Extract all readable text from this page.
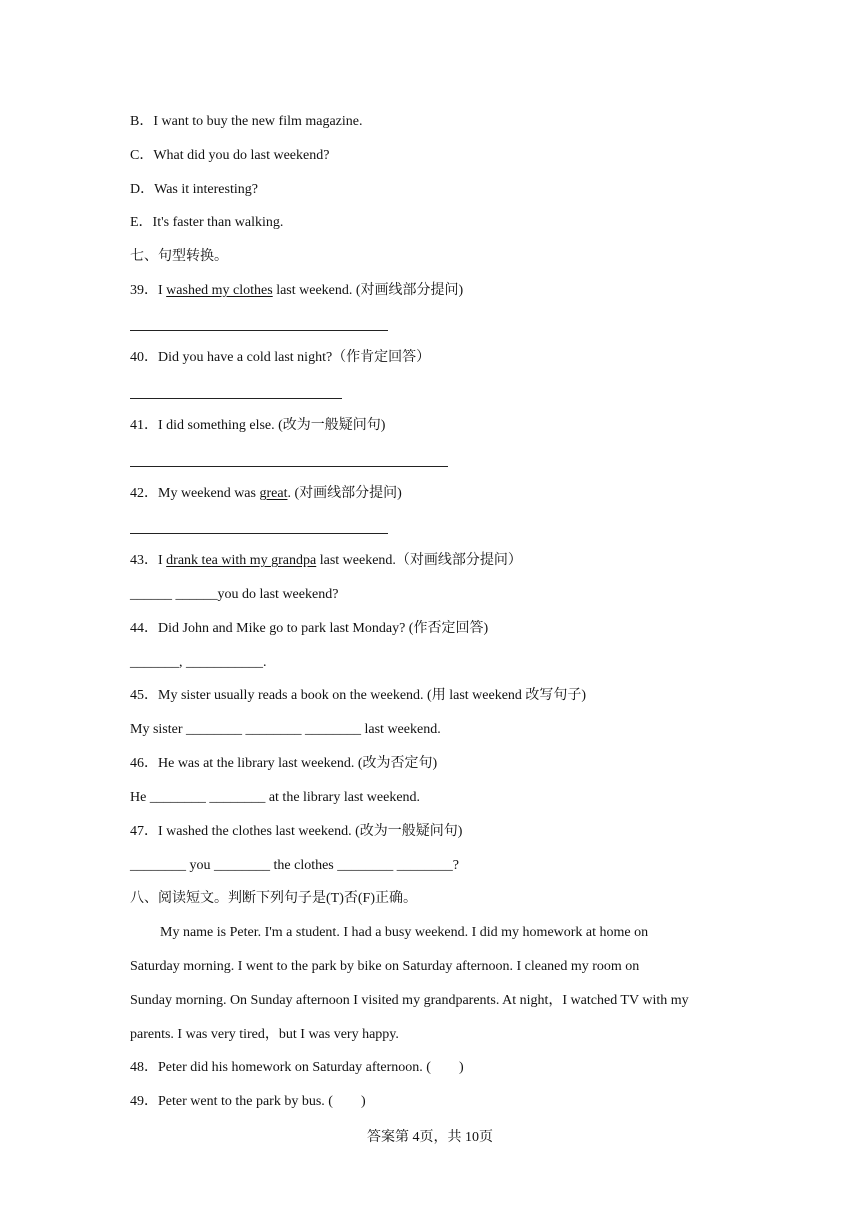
B．I want to buy the new film magazine.
C．What did you do last weekend?
D．Was it interesting?
E．It's faster than walking.
七、句型转换。
39．I washed my clothes last weekend. (对画线部分提问)
40．Did you have a cold last night?（作肯定回答）
41．I did something else. (改为一般疑问句)
42．My weekend was great. (对画线部分提问)
43．I drank tea with my grandpa last weekend.（对画线部分提问）
______ ______you do last weekend?
44．Did John and Mike go to park last Monday? (作否定回答)
_______, ___________.
45．My sister usually reads a book on the weekend. (用 last weekend 改写句子)
My sister ________ ________ ________ last weekend.
46．He was at the library last weekend. (改为否定句)
He ________ ________ at the library last weekend.
47．I washed the clothes last weekend. (改为一般疑问句)
________ you ________ the clothes ________ ________?
八、阅读短文。判断下列句子是(T)否(F)正确。
My name is Peter. I'm a student. I had a busy weekend. I did my homework at home on
Saturday morning. I went to the park by bike on Saturday afternoon. I cleaned my room on
Sunday morning. On Sunday afternoon I visited my grandparents. At night，I watched TV with my
parents. I was very tired，but I was very happy.
48．Peter did his homework on Saturday afternoon. (　　)
49．Peter went to the park by bus. (　　)
答案第 4页，共 10页
